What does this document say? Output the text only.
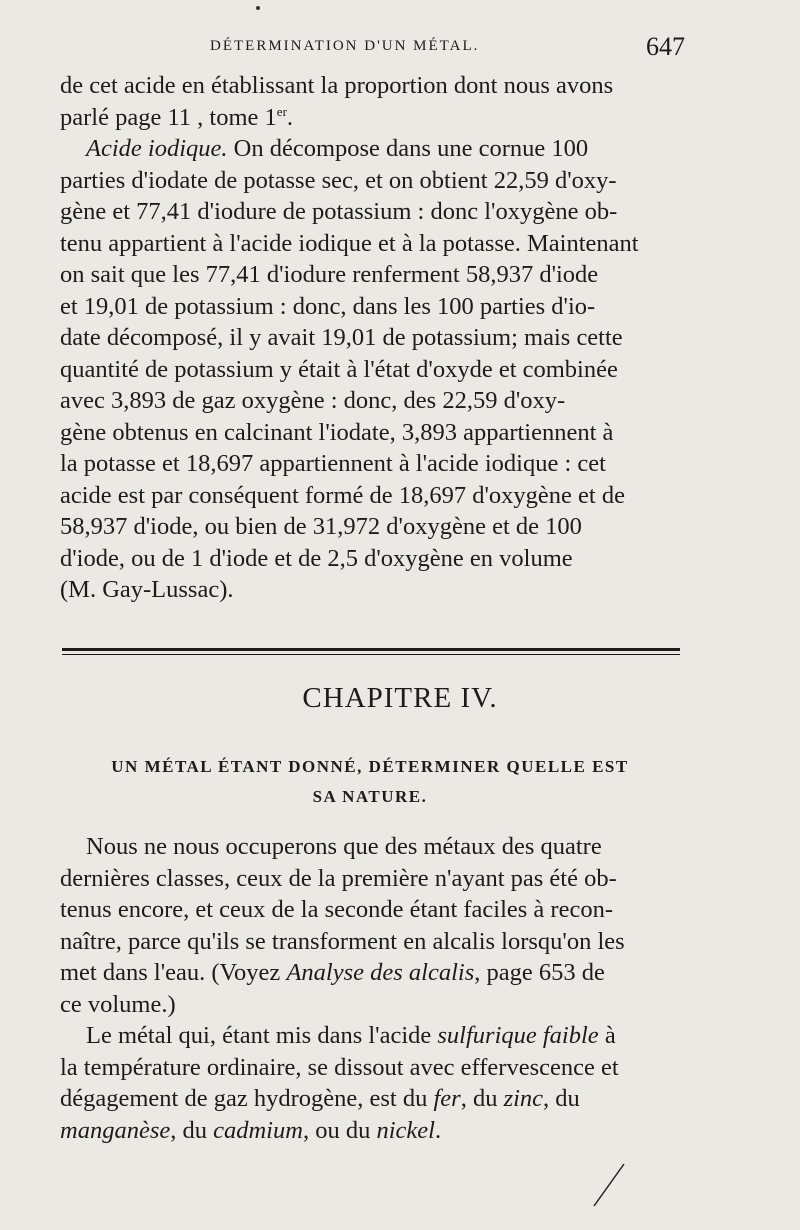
DÉTERMINATION D'UN MÉTAL.	647
de cet acide en établissant la proportion dont nous avons
parlé page 11 , tome 1er.
Acide iodique. On décompose dans une cornue 100
parties d'iodate de potasse sec, et on obtient 22,59 d'oxy-
gène et 77,41 d'iodure de potassium : donc l'oxygène ob-
tenu appartient à l'acide iodique et à la potasse. Maintenant
on sait que les 77,41 d'iodure renferment 58,937 d'iode
et 19,01 de potassium : donc, dans les 100 parties d'io-
date décomposé, il y avait 19,01 de potassium; mais cette
quantité de potassium y était à l'état d'oxyde et combinée
avec 3,893 de gaz oxygène : donc, des 22,59 d'oxy-
gène obtenus en calcinant l'iodate, 3,893 appartiennent à
la potasse et 18,697 appartiennent à l'acide iodique : cet
acide est par conséquent formé de 18,697 d'oxygène et de
58,937 d'iode, ou bien de 31,972 d'oxygène et de 100
d'iode, ou de 1 d'iode et de 2,5 d'oxygène en volume
(M. Gay-Lussac).
CHAPITRE IV.
UN MÉTAL ÉTANT DONNÉ, DÉTERMINER QUELLE EST
SA NATURE.
Nous ne nous occuperons que des métaux des quatre
dernières classes, ceux de la première n'ayant pas été ob-
tenus encore, et ceux de la seconde étant faciles à recon-
naître, parce qu'ils se transforment en alcalis lorsqu'on les
met dans l'eau. (Voyez Analyse des alcalis, page 653 de
ce volume.)
Le métal qui, étant mis dans l'acide sulfurique faible à
la température ordinaire, se dissout avec effervescence et
dégagement de gaz hydrogène, est du fer, du zinc, du
manganèse, du cadmium, ou du nickel.
